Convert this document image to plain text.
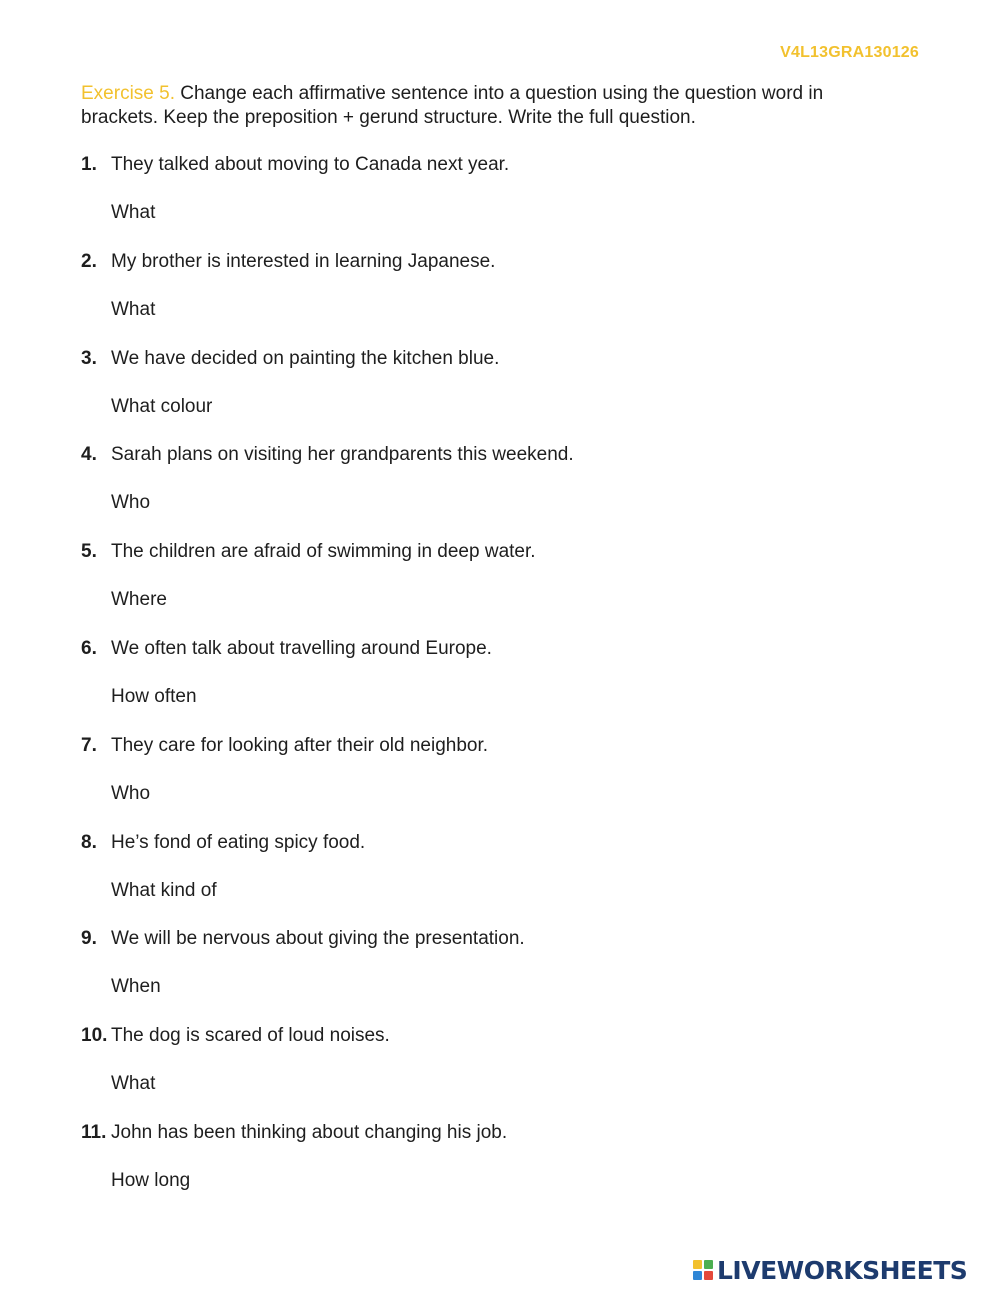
V4L13GRA130126
Exercise 5. Change each affirmative sentence into a question using the question word in brackets. Keep the preposition + gerund structure. Write the full question.
1. They talked about moving to Canada next year.
What
2. My brother is interested in learning Japanese.
What
3. We have decided on painting the kitchen blue.
What colour
4. Sarah plans on visiting her grandparents this weekend.
Who
5. The children are afraid of swimming in deep water.
Where
6. We often talk about travelling around Europe.
How often
7. They care for looking after their old neighbor.
Who
8. He’s fond of eating spicy food.
What kind of
9. We will be nervous about giving the presentation.
When
10. The dog is scared of loud noises.
What
11. John has been thinking about changing his job.
How long
LIVEWORKSHEETS
